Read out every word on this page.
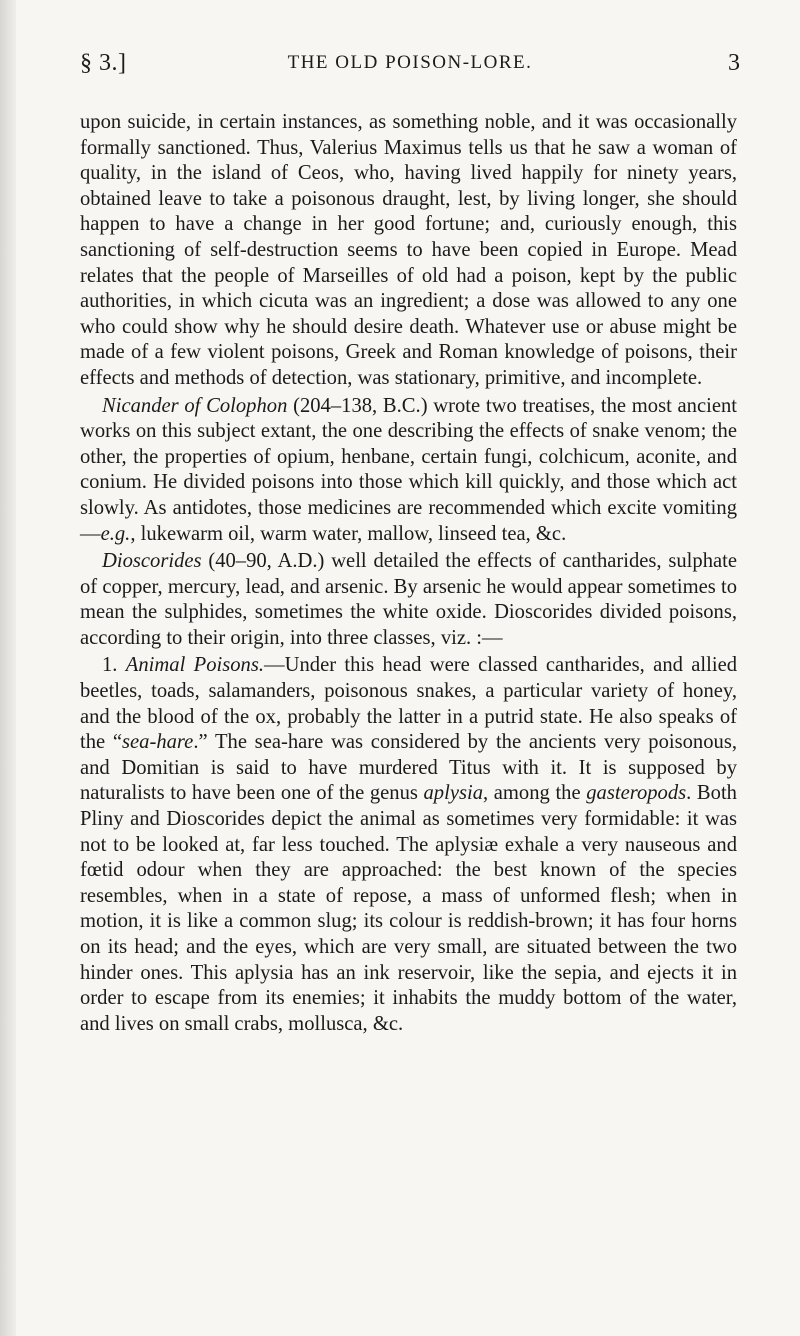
§ 3.]	THE OLD POISON-LORE.	3

upon suicide, in certain instances, as something noble, and it was occasionally formally sanctioned. Thus, Valerius Maximus tells us that he saw a woman of quality, in the island of Ceos, who, having lived happily for ninety years, obtained leave to take a poisonous draught, lest, by living longer, she should happen to have a change in her good fortune; and, curiously enough, this sanctioning of self-destruction seems to have been copied in Europe. Mead relates that the people of Marseilles of old had a poison, kept by the public authorities, in which cicuta was an ingredient; a dose was allowed to any one who could show why he should desire death. Whatever use or abuse might be made of a few violent poisons, Greek and Roman knowledge of poisons, their effects and methods of detection, was stationary, primitive, and incomplete.

Nicander of Colophon (204–138, B.C.) wrote two treatises, the most ancient works on this subject extant, the one describing the effects of snake venom; the other, the properties of opium, henbane, certain fungi, colchicum, aconite, and conium. He divided poisons into those which kill quickly, and those which act slowly. As antidotes, those medicines are recommended which excite vomiting—e.g., lukewarm oil, warm water, mallow, linseed tea, &c.

Dioscorides (40–90, A.D.) well detailed the effects of cantharides, sulphate of copper, mercury, lead, and arsenic. By arsenic he would appear sometimes to mean the sulphides, sometimes the white oxide. Dioscorides divided poisons, according to their origin, into three classes, viz. :—

1. Animal Poisons.—Under this head were classed cantharides, and allied beetles, toads, salamanders, poisonous snakes, a particular variety of honey, and the blood of the ox, probably the latter in a putrid state. He also speaks of the “sea-hare.” The sea-hare was considered by the ancients very poisonous, and Domitian is said to have murdered Titus with it. It is supposed by naturalists to have been one of the genus aplysia, among the gasteropods. Both Pliny and Dioscorides depict the animal as sometimes very formidable: it was not to be looked at, far less touched. The aplysiæ exhale a very nauseous and fœtid odour when they are approached: the best known of the species resembles, when in a state of repose, a mass of unformed flesh; when in motion, it is like a common slug; its colour is reddish-brown; it has four horns on its head; and the eyes, which are very small, are situated between the two hinder ones. This aplysia has an ink reservoir, like the sepia, and ejects it in order to escape from its enemies; it inhabits the muddy bottom of the water, and lives on small crabs, mollusca, &c.
